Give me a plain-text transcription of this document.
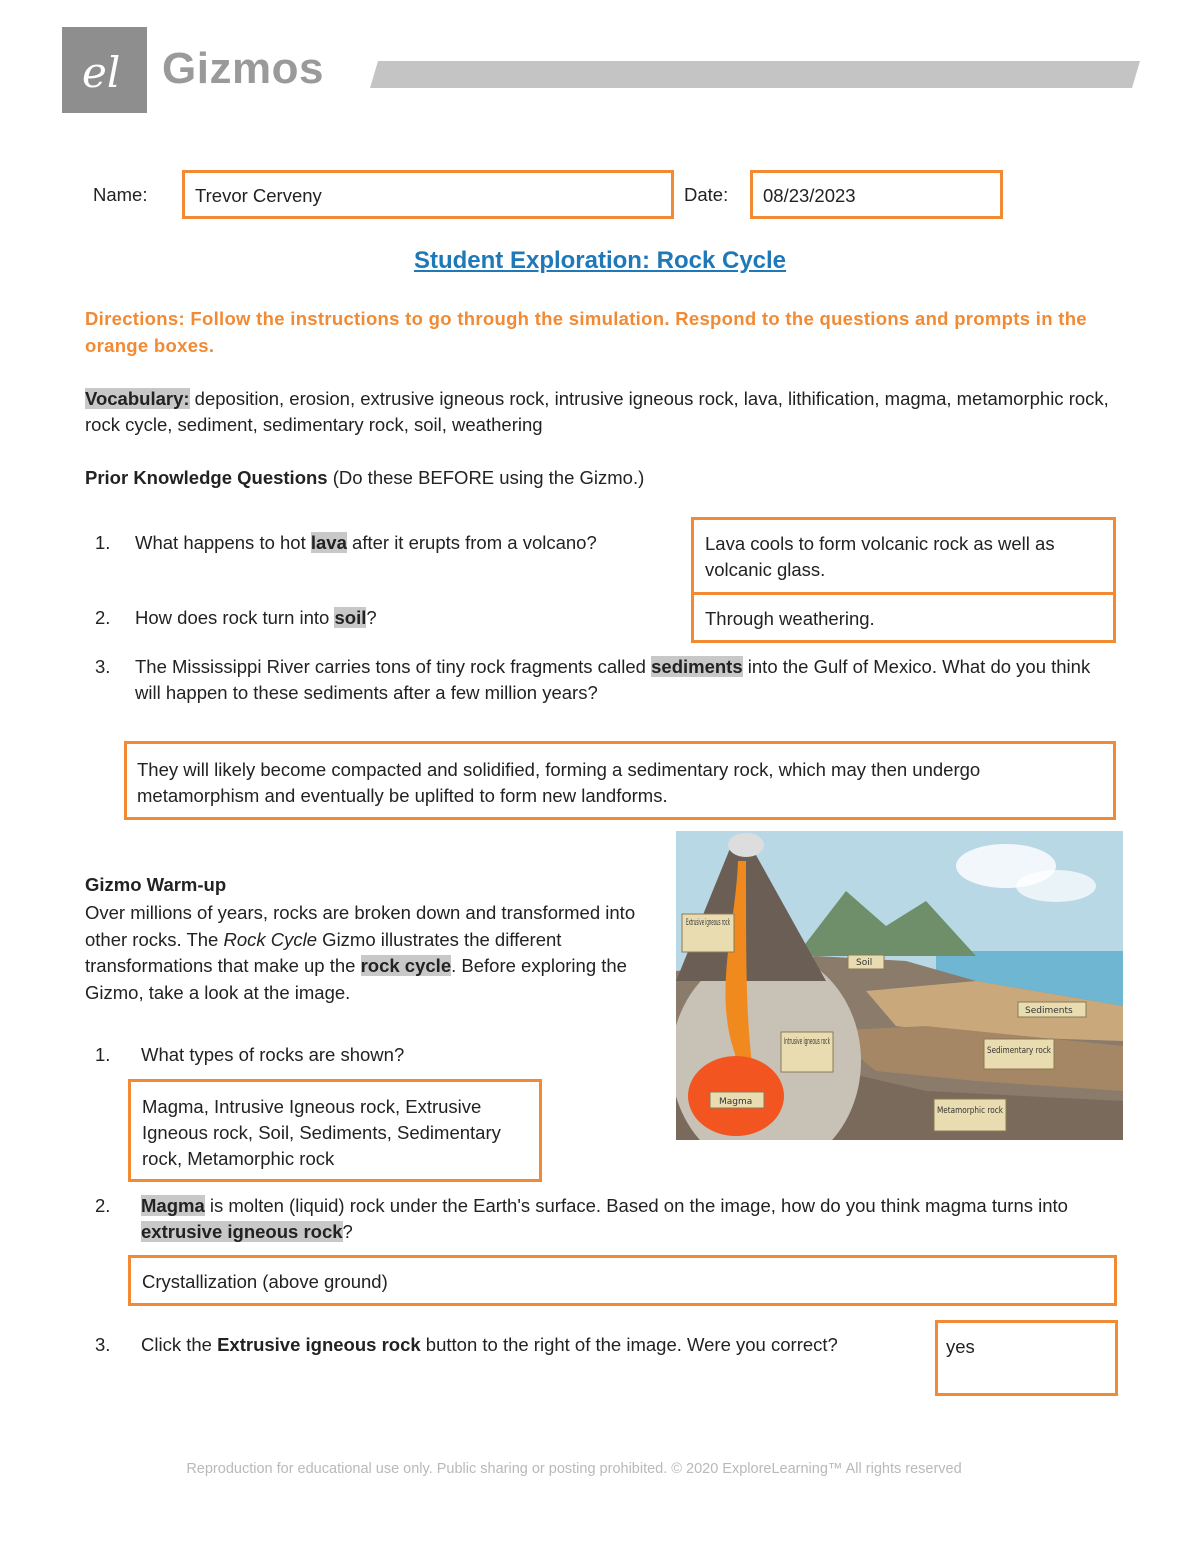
el Gizmos
Name:	Trevor Cerveny	Date: 08/23/2023
Student Exploration: Rock Cycle
Directions: Follow the instructions to go through the simulation. Respond to the questions and prompts in the orange boxes.
Vocabulary: deposition, erosion, extrusive igneous rock, intrusive igneous rock, lava, lithification, magma, metamorphic rock, rock cycle, sediment, sedimentary rock, soil, weathering
Prior Knowledge Questions (Do these BEFORE using the Gizmo.)
1. What happens to hot lava after it erupts from a volcano?	Lava cools to form volcanic rock as well as volcanic glass.
2. How does rock turn into soil?	Through weathering.
3. The Mississippi River carries tons of tiny rock fragments called sediments into the Gulf of Mexico. What do you think will happen to these sediments after a few million years?
They will likely become compacted and solidified, forming a sedimentary rock, which may then undergo metamorphism and eventually be uplifted to form new landforms.
Gizmo Warm-up
Over millions of years, rocks are broken down and transformed into other rocks. The Rock Cycle Gizmo illustrates the different transformations that make up the rock cycle. Before exploring the Gizmo, take a look at the image.
Extrusive igneous rock
Soil
Sediments
Intrusive igneous rock
Sedimentary rock
Magma
Metamorphic rock
1. What types of rocks are shown?
Magma, Intrusive Igneous rock, Extrusive Igneous rock, Soil, Sediments, Sedimentary rock, Metamorphic rock
2. Magma is molten (liquid) rock under the Earth's surface. Based on the image, how do you think magma turns into extrusive igneous rock?
Crystallization (above ground)
3. Click the Extrusive igneous rock button to the right of the image. Were you correct?	yes
Reproduction for educational use only. Public sharing or posting prohibited. © 2020 ExploreLearning™ All rights reserved
